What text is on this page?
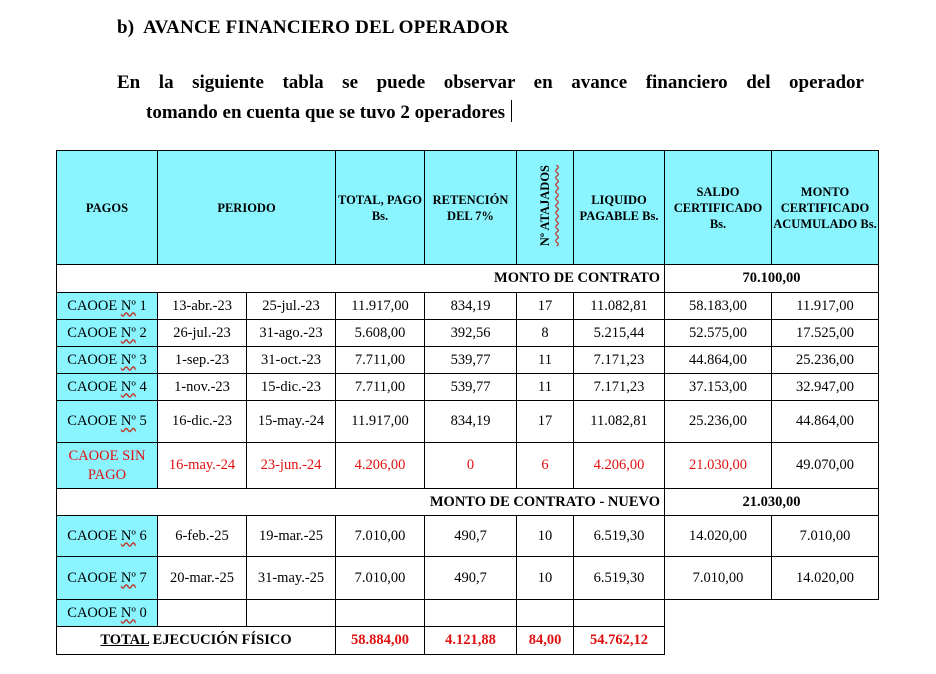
b) AVANCE FINANCIERO DEL OPERADOR
En la siguiente tabla se puede observar en avance financiero del operador
tomando en cuenta que se tuvo 2 operadores
PAGOS	PERIODO		TOTAL, PAGO Bs.	RETENCIÓN DEL 7%	Nº ATAJADOS	LIQUIDO PAGABLE Bs.	SALDO CERTIFICADO Bs.	MONTO CERTIFICADO ACUMULADO Bs.
MONTO DE CONTRATO							70.100,00	
CAOOE Nº 1	13-abr.-23	25-jul.-23	11.917,00	834,19	17	11.082,81	58.183,00	11.917,00
CAOOE Nº 2	26-jul.-23	31-ago.-23	5.608,00	392,56	8	5.215,44	52.575,00	17.525,00
CAOOE Nº 3	1-sep.-23	31-oct.-23	7.711,00	539,77	11	7.171,23	44.864,00	25.236,00
CAOOE Nº 4	1-nov.-23	15-dic.-23	7.711,00	539,77	11	7.171,23	37.153,00	32.947,00
CAOOE Nº 5	16-dic.-23	15-may.-24	11.917,00	834,19	17	11.082,81	25.236,00	44.864,00
CAOOE SIN PAGO	16-may.-24	23-jun.-24	4.206,00	0	6	4.206,00	21.030,00	49.070,00
MONTO DE CONTRATO - NUEVO							21.030,00	
CAOOE Nº 6	6-feb.-25	19-mar.-25	7.010,00	490,7	10	6.519,30	14.020,00	7.010,00
CAOOE Nº 7	20-mar.-25	31-may.-25	7.010,00	490,7	10	6.519,30	7.010,00	14.020,00
CAOOE Nº 0								
TOTAL EJECUCIÓN FÍSICO			58.884,00	4.121,88	84,00	54.762,12		
